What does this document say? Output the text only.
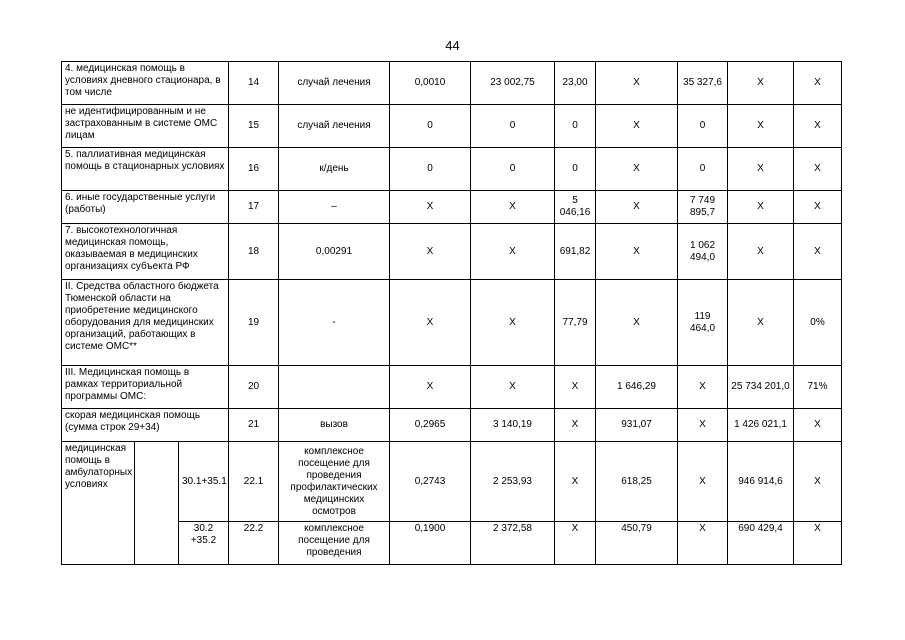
44
4. медицинская помощь в условиях дневного стационара, в том числе			14	случай лечения	0,0010	23 002,75	23,00	Х	35 327,6	Х	Х
не идентифицированным и не застрахованным в системе ОМС лицам			15	случай лечения	0	0	0	Х	0	Х	Х
5. паллиативная медицинская помощь в стационарных условиях			16	к/день	0	0	0	Х	0	Х	Х
6. иные государственные услуги (работы)			17	–	Х	Х	5 046,16	Х	7 749 895,7	Х	Х
7. высокотехнологичная медицинская помощь, оказываемая в медицинских организациях субъекта РФ			18	0,00291	Х	Х	691,82	Х	1 062 494,0	Х	Х
II. Средства областного бюджета Тюменской области на приобретение медицинского оборудования для медицинских организаций, работающих в системе ОМС**			19	-	Х	Х	77,79	Х	119 464,0	Х	0%
III. Медицинская помощь в рамках территориальной программы ОМС:			20		Х	Х	Х	1 646,29	Х	25 734 201,0	71%
скорая медицинская помощь (сумма строк 29+34)			21	вызов	0,2965	3 140,19	Х	931,07	Х	1 426 021,1	Х
медицинская помощь в амбулаторных условиях		30.1+35.1	22.1	комплексное посещение для проведения профилактических медицинских осмотров	0,2743	2 253,93	Х	618,25	Х	946 914,6	Х
		30.2 +35.2	22.2	комплексное посещение для проведения	0,1900	2 372,58	Х	450,79	Х	690 429,4	Х
